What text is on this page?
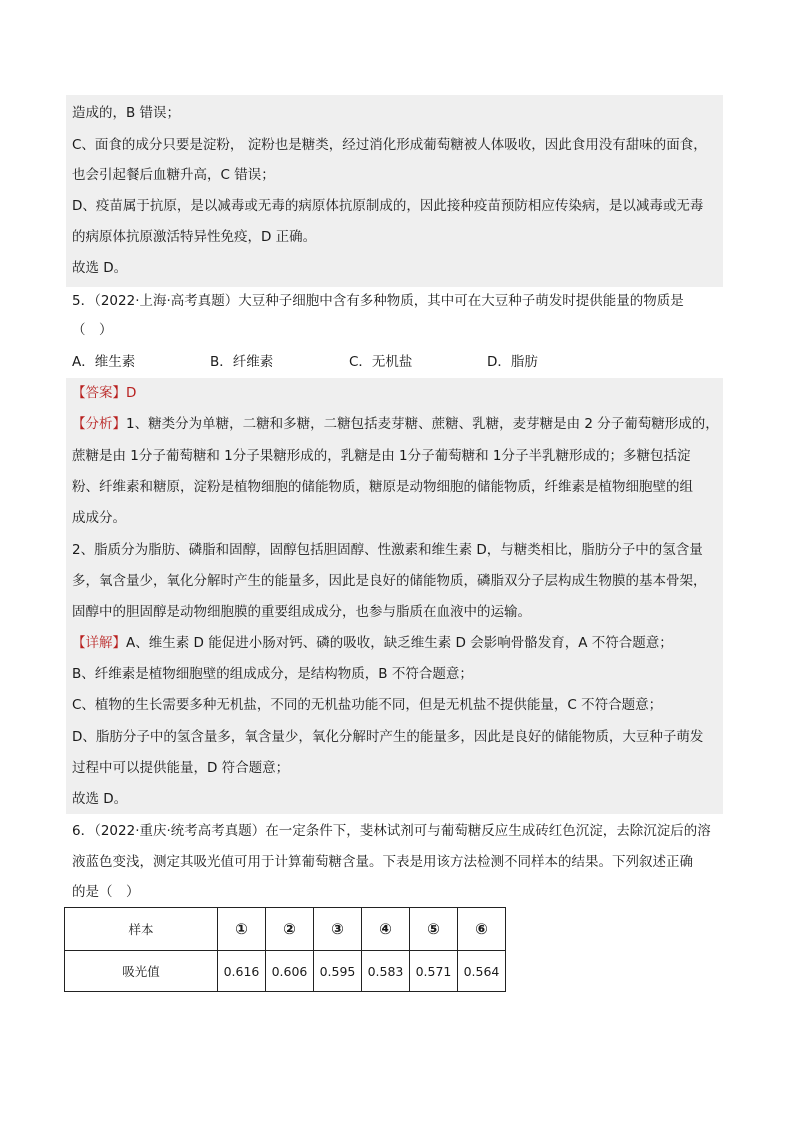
造成的，B 错误；
C、面食的成分只要是淀粉， 淀粉也是糖类，经过消化形成葡萄糖被人体吸收，因此食用没有甜味的面食，
也会引起餐后血糖升高，C 错误；
D、疫苗属于抗原，是以减毒或无毒的病原体抗原制成的，因此接种疫苗预防相应传染病，是以减毒或无毒
的病原体抗原激活特异性免疫，D 正确。
故选 D。
5．（2022·上海·高考真题）大豆种子细胞中含有多种物质，其中可在大豆种子萌发时提供能量的物质是
（　）
A．维生素	B．纤维素	C．无机盐	D．脂肪
【答案】D
【分析】1、糖类分为单糖，二糖和多糖，二糖包括麦芽糖、蔗糖、乳糖，麦芽糖是由 2 分子葡萄糖形成的，
蔗糖是由 1分子葡萄糖和 1分子果糖形成的，乳糖是由 1分子葡萄糖和 1分子半乳糖形成的；多糖包括淀
粉、纤维素和糖原，淀粉是植物细胞的储能物质，糖原是动物细胞的储能物质，纤维素是植物细胞壁的组
成成分。
2、脂质分为脂肪、磷脂和固醇，固醇包括胆固醇、性激素和维生素 D，与糖类相比，脂肪分子中的氢含量
多，氧含量少，氧化分解时产生的能量多，因此是良好的储能物质，磷脂双分子层构成生物膜的基本骨架，
固醇中的胆固醇是动物细胞膜的重要组成成分，也参与脂质在血液中的运输。
【详解】A、维生素 D 能促进小肠对钙、磷的吸收，缺乏维生素 D 会影响骨骼发育，A 不符合题意；
B、纤维素是植物细胞壁的组成成分，是结构物质，B 不符合题意；
C、植物的生长需要多种无机盐，不同的无机盐功能不同，但是无机盐不提供能量，C 不符合题意；
D、脂肪分子中的氢含量多，氧含量少，氧化分解时产生的能量多，因此是良好的储能物质，大豆种子萌发
过程中可以提供能量，D 符合题意；
故选 D。
6．（2022·重庆·统考高考真题）在一定条件下，斐林试剂可与葡萄糖反应生成砖红色沉淀，去除沉淀后的溶
液蓝色变浅，测定其吸光值可用于计算葡萄糖含量。下表是用该方法检测不同样本的结果。下列叙述正确
的是（　）
样本	①	②	③	④	⑤	⑥
吸光值	0.616	0.606	0.595	0.583	0.571	0.564
